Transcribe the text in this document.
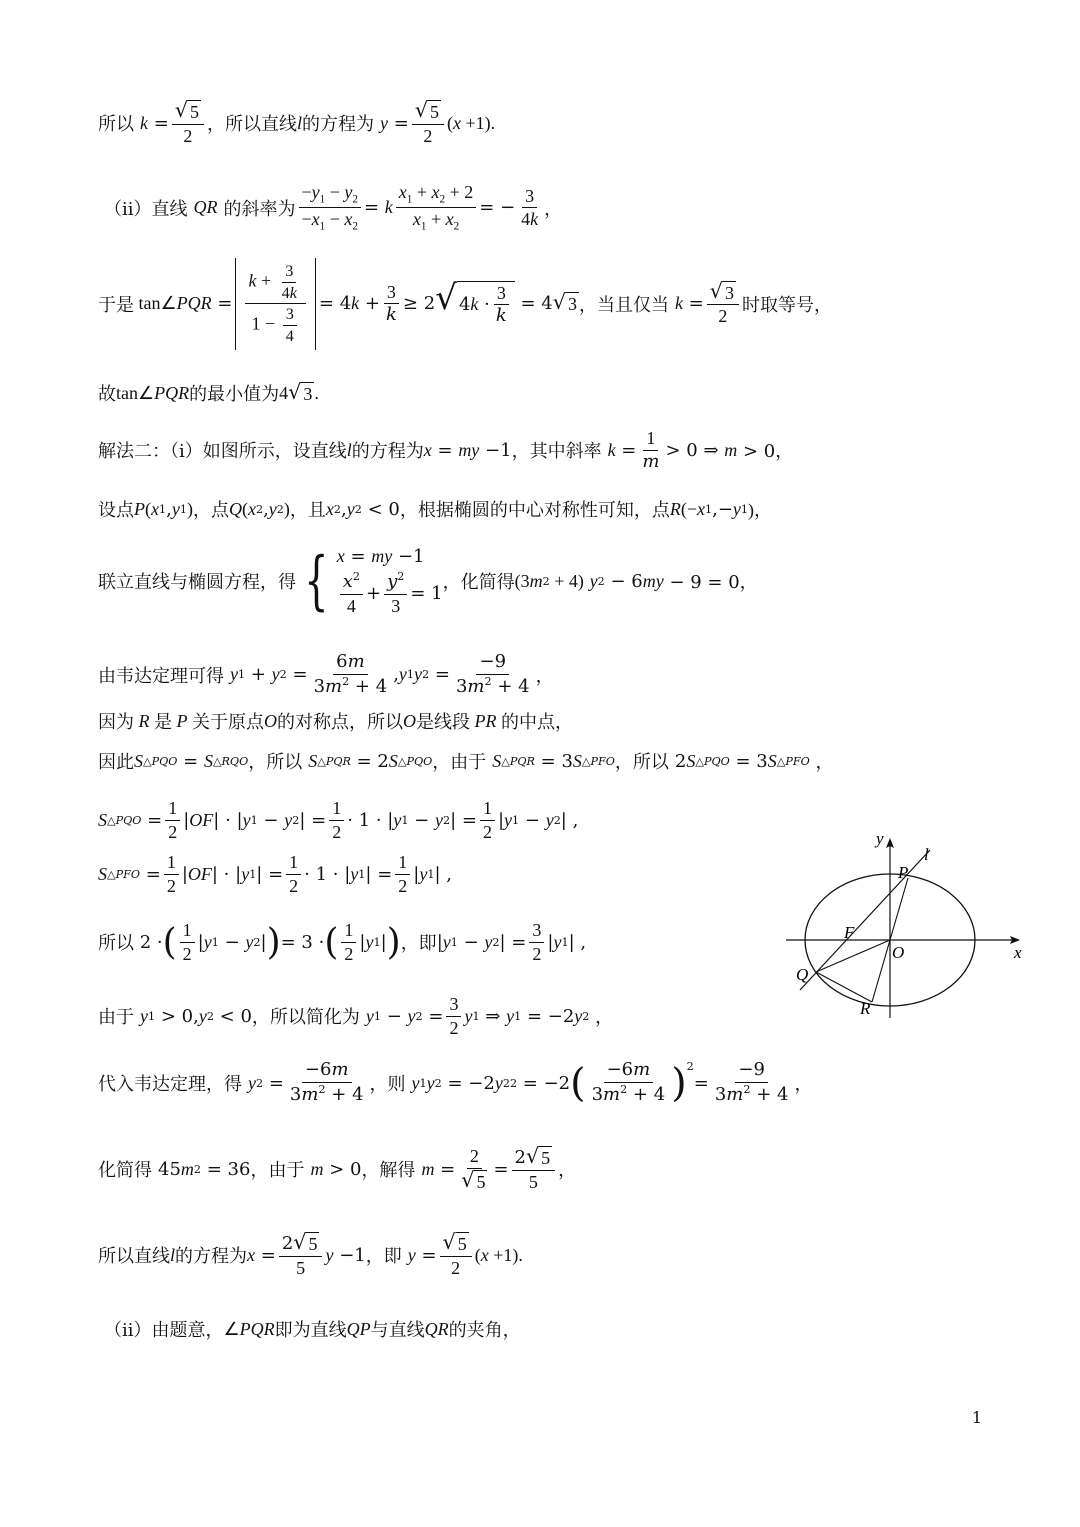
所以 $k = \frac{√ 5}{2}$ ，所以直线 l 的方程为 $y = \frac{√ 5}{2}$ ( x +1).
（ii） 直线 QR 的斜率为 $\frac{-y_1 - y_2}{-x_1 - x_2} = k \frac{x_1 + x_2 + 2}{x_1 + x_2}$ = − $\frac{3}{4k}$ ，
于是 tan∠ PQR = $\frac{k + \frac{3}{4k}}{1 - \frac{3}{4}} = 4$ $k + \frac{3}{k} \ge 2$ √ 4 $k \cdot \frac{3}{k} = 4$ √ 3 ，当且仅当 $k = \frac{√ 3}{2}$ 时取等号，
故 tan∠ PQR 的最小值为 4 √ 3 .
解法二：（i）如图所示，设直线 l 的方程为 x = my −1 ，其中斜率 $k = \frac{1}{m} > 0$ ⇒ m > 0，
设点 P ( x 1 , y 1 ) ，点 Q ( x 2 , y 2 ) ，且 x 2 , y 2 < 0 ，根据椭圆的中心对称性可知，点 R (− x 1 ,− y 1 )，
联立直线与椭圆方程，得 { x = my −1
$\frac{x^2}{4} + \frac{y^2}{3} = 1$
，化简得 (3 m 2 + 4)
y 2 − 6 my − 9 = 0，
由韦达定理可得 y 1 + y $2 = \frac{6m}{3m^2 + 4}$ , y 1 y $2 = \frac{-9}{3m^2 + 4}$ ，
因为 R 是 P 关于原点 O 的对称点，所以 O 是线段 PR 的中点，
因此 S △PQO = S △RQO ， 所以 S △PQR = 2 S △PQO ，由于 S △PQR = 3 S △PFO ， 所以 2 S △PQO = 3 S △PFO ，
S △PQO = $\frac{1}{2}$ | OF | · | y 1 − y 2 | = $\frac{1}{2} \cdot 1$ · | y 1 − y 2 | = $\frac{1}{2}$ | y 1 − y 2 | ,
S △PFO = $\frac{1}{2}$ | OF | · | y 1 | = $\frac{1}{2} \cdot 1$ · | y 1 | = $\frac{1}{2}$ | y 1 | ,
所以 2 · ( $\frac{1}{2}$ | y 1 − y 2 | ) = 3 · ( $\frac{1}{2}$ | y 1 | ) ，即 | y 1 − y 2 | = $\frac{3}{2}$ | y 1 | ,
由于 y 1 > 0, y 2 < 0 ，所以简化为 y 1 − y $2 = \frac{3}{2}$ y 1 ⇒ y 1 = −2 y 2 ，
代入韦达定理，得 y $2 = \frac{-6m}{3m^2 + 4}$ ，则 y 1 y 2 = −2 y 2 2 = −2 ( $\frac{-6m}{3m^2 + 4} )^2$
= $\frac{-9}{3m^2 + 4}$ ，
化简得 45 m 2 = 36 ，由于 m > 0 ，解得 $m = \frac{2}{√ 5} = \frac{2 √ 5}{5}$ ，
所以直线 l 的方程为 $x = \frac{2 √ 5}{5}$ y −1 ，即 $y = \frac{√ 5}{2}$ ( x +1).
（ii） 由题意， ∠ PQR 即为直线 QP 与直线 QR 的夹角，
y
l
P
F
O	x
Q
R
1
